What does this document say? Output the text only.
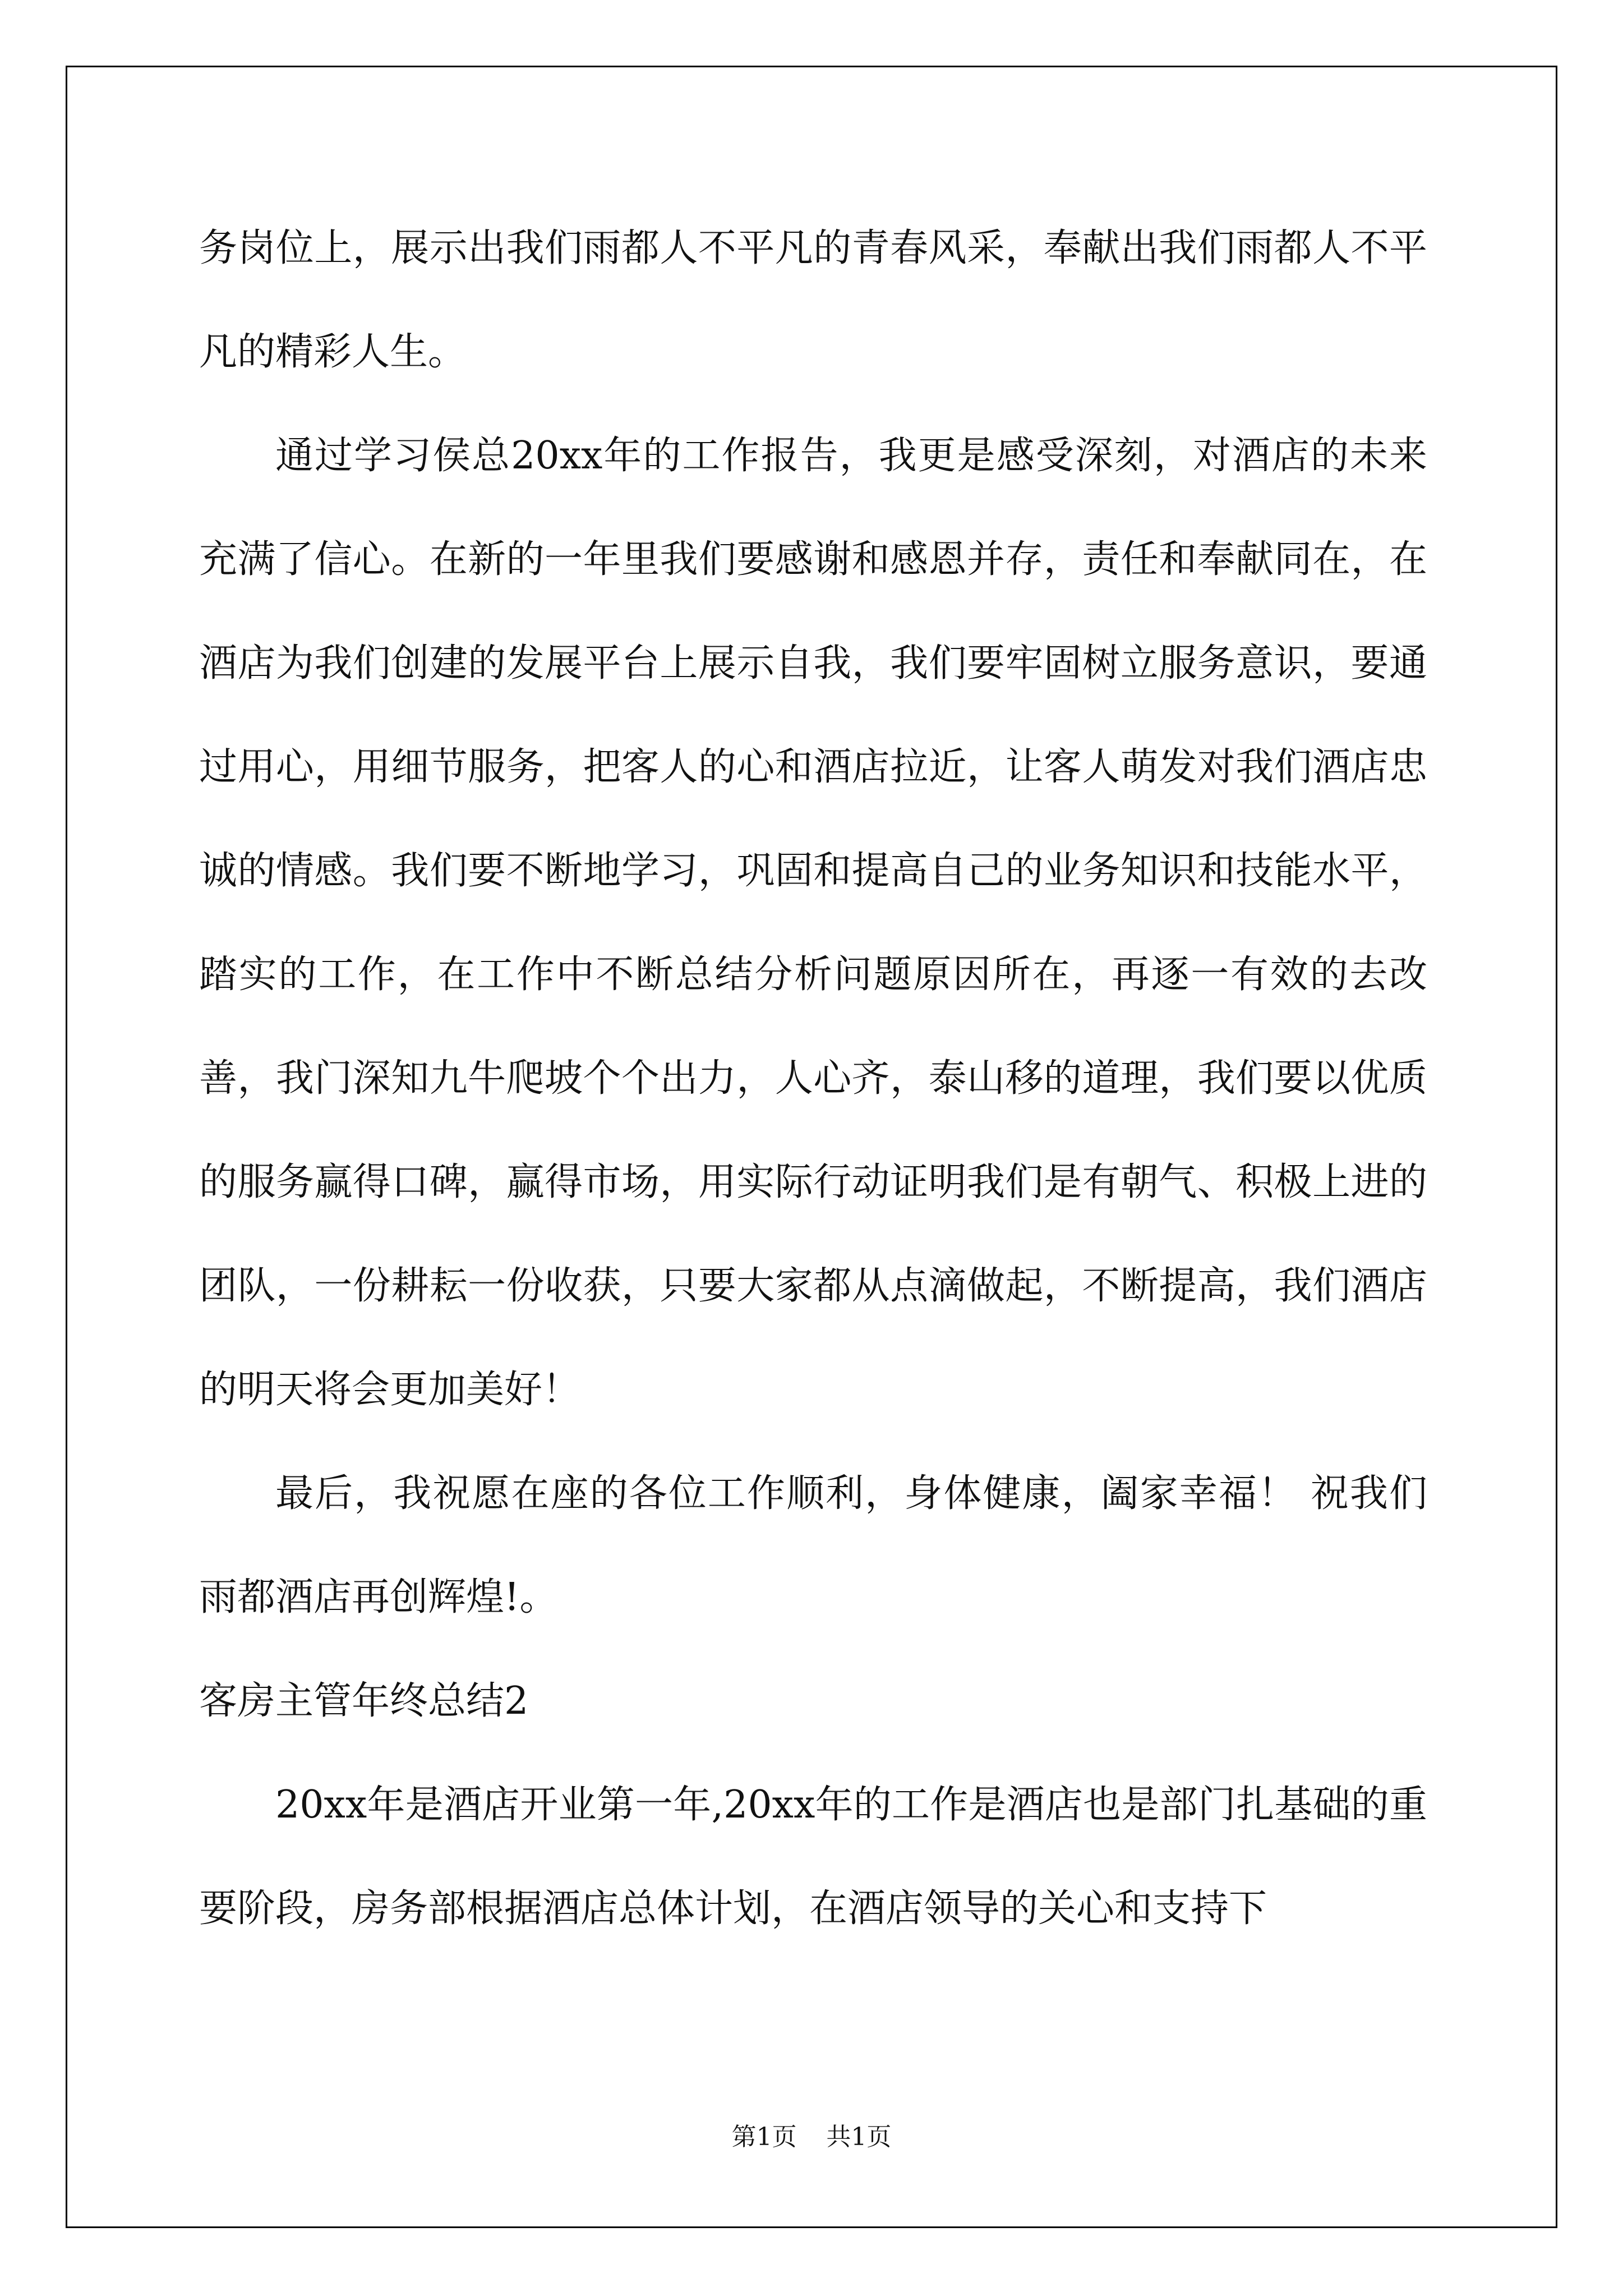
务岗位上，展示出我们雨都人不平凡的青春风采，奉献出我们雨都人不平凡的精彩人生。

通过学习侯总20xx年的工作报告，我更是感受深刻，对酒店的未来充满了信心。在新的一年里我们要感谢和感恩并存，责任和奉献同在，在酒店为我们创建的发展平台上展示自我，我们要牢固树立服务意识，要通过用心，用细节服务，把客人的心和酒店拉近，让客人萌发对我们酒店忠诚的情感。我们要不断地学习，巩固和提高自己的业务知识和技能水平，踏实的工作，在工作中不断总结分析问题原因所在，再逐一有效的去改善，我门深知九牛爬坡个个出力，人心齐，泰山移的道理，我们要以优质的服务赢得口碑，赢得市场，用实际行动证明我们是有朝气、积极上进的团队，一份耕耘一份收获，只要大家都从点滴做起，不断提高，我们酒店的明天将会更加美好！

最后，我祝愿在座的各位工作顺利，身体健康，阖家幸福！ 祝我们雨都酒店再创辉煌!。

客房主管年终总结2

20xx年是酒店开业第一年,20xx年的工作是酒店也是部门扎基础的重要阶段，房务部根据酒店总体计划，在酒店领导的关心和支持下

第1页 共1页
